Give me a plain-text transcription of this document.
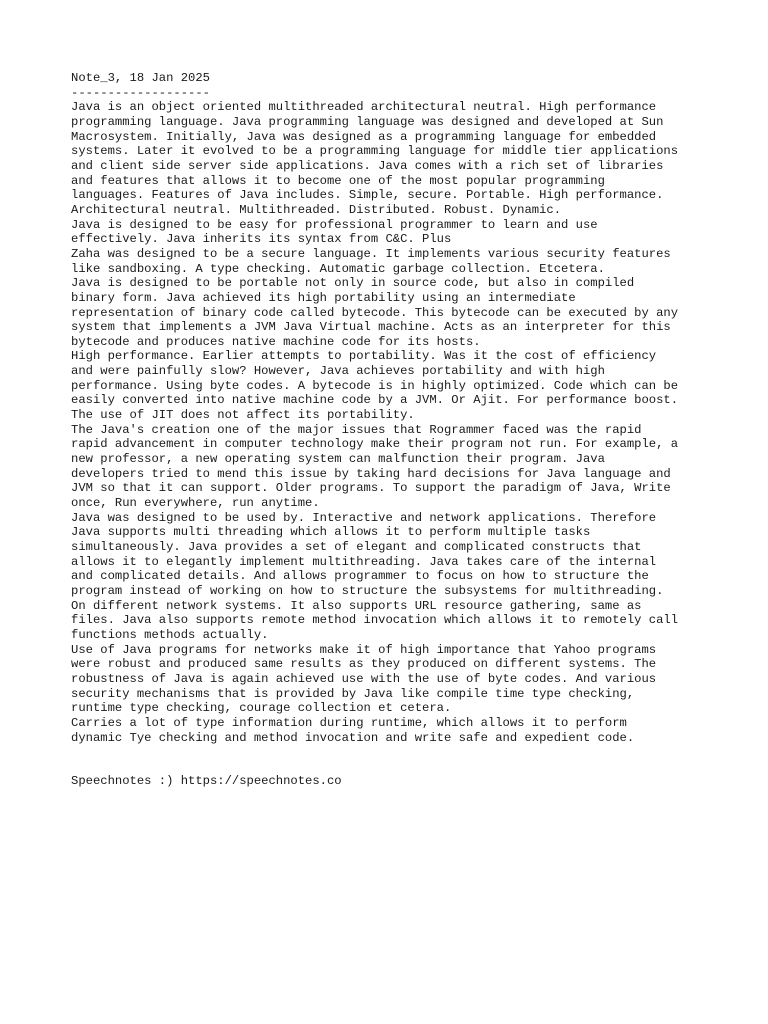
Note_3, 18 Jan 2025
-------------------
Java is an object oriented multithreaded architectural neutral. High performance
programming language. Java programming language was designed and developed at Sun
Macrosystem. Initially, Java was designed as a programming language for embedded
systems. Later it evolved to be a programming language for middle tier applications
and client side server side applications. Java comes with a rich set of libraries
and features that allows it to become one of the most popular programming
languages. Features of Java includes. Simple, secure. Portable. High performance.
Architectural neutral. Multithreaded. Distributed. Robust. Dynamic.
Java is designed to be easy for professional programmer to learn and use
effectively. Java inherits its syntax from C&C. Plus
Zaha was designed to be a secure language. It implements various security features
like sandboxing. A type checking. Automatic garbage collection. Etcetera.
Java is designed to be portable not only in source code, but also in compiled
binary form. Java achieved its high portability using an intermediate
representation of binary code called bytecode. This bytecode can be executed by any
system that implements a JVM Java Virtual machine. Acts as an interpreter for this
bytecode and produces native machine code for its hosts.
High performance. Earlier attempts to portability. Was it the cost of efficiency
and were painfully slow? However, Java achieves portability and with high
performance. Using byte codes. A bytecode is in highly optimized. Code which can be
easily converted into native machine code by a JVM. Or Ajit. For performance boost.
The use of JIT does not affect its portability.
The Java's creation one of the major issues that Rogrammer faced was the rapid
rapid advancement in computer technology make their program not run. For example, a
new professor, a new operating system can malfunction their program. Java
developers tried to mend this issue by taking hard decisions for Java language and
JVM so that it can support. Older programs. To support the paradigm of Java, Write
once, Run everywhere, run anytime.
Java was designed to be used by. Interactive and network applications. Therefore
Java supports multi threading which allows it to perform multiple tasks
simultaneously. Java provides a set of elegant and complicated constructs that
allows it to elegantly implement multithreading. Java takes care of the internal
and complicated details. And allows programmer to focus on how to structure the
program instead of working on how to structure the subsystems for multithreading.
On different network systems. It also supports URL resource gathering, same as
files. Java also supports remote method invocation which allows it to remotely call
functions methods actually.
Use of Java programs for networks make it of high importance that Yahoo programs
were robust and produced same results as they produced on different systems. The
robustness of Java is again achieved use with the use of byte codes. And various
security mechanisms that is provided by Java like compile time type checking,
runtime type checking, courage collection et cetera.
Carries a lot of type information during runtime, which allows it to perform
dynamic Tye checking and method invocation and write safe and expedient code.
Speechnotes :) https://speechnotes.co
